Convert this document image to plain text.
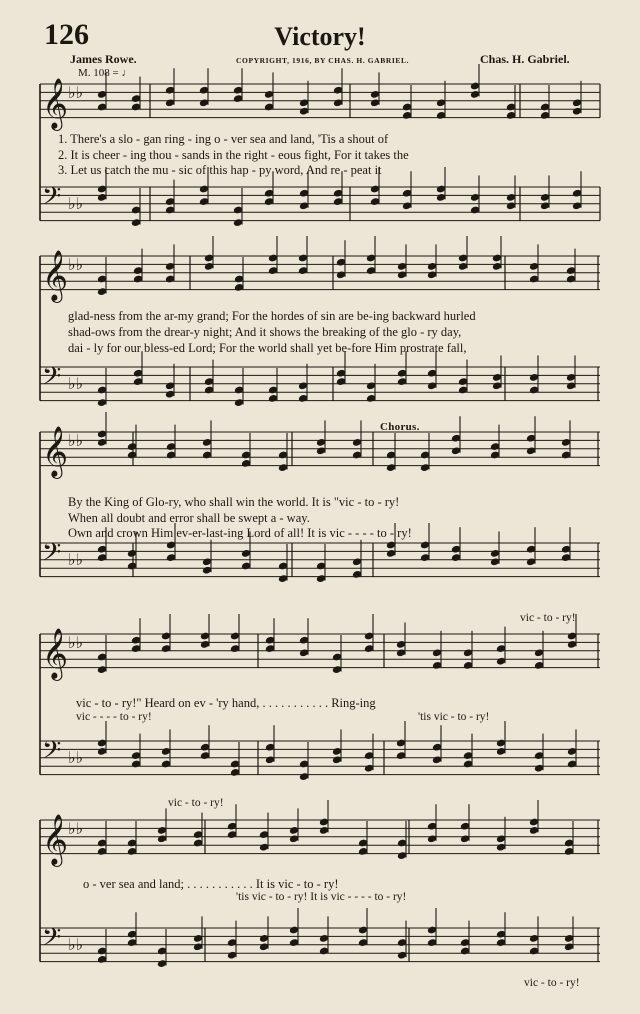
126	Victory!
James Rowe.	COPYRIGHT, 1916, BY CHAS. H. GABRIEL.	Chas. H. Gabriel.
M. 108 = ♩
𝄞 ♭♭
𝄢 ♭♭
𝄞 ♭♭
𝄢 ♭♭
𝄞 ♭♭
𝄢 ♭♭
𝄞 ♭♭
𝄢 ♭♭
𝄞 ♭♭
𝄢 ♭♭
1. There's a slo - gan ring - ing o - ver sea and land, 'Tis a shout of
2. It is cheer - ing thou - sands in the right - eous fight, For it takes the
3. Let us catch the mu - sic of this hap - py word, And re - peat it
glad-ness from the ar-my grand; For the hordes of sin are be-ing backward hurled
shad-ows from the drear-y night; And it shows the breaking of the glo - ry day,
dai - ly for our bless-ed Lord; For the world shall yet be-fore Him prostrate fall,
Chorus.
By the King of Glo-ry, who shall win the world. It is "vic - to - ry!
When all doubt and error shall be swept a - way.
Own and crown Him ev-er-last-ing Lord of all! It is vic - - - - to - ry!
vic - to - ry!
vic - to - ry!" Heard on ev - 'ry hand, . . . . . . . . . . . Ring-ing
vic - - - - to - ry!	'tis vic - to - ry!
vic - to - ry!
o - ver sea and land; . . . . . . . . . . . It is vic - to - ry!
'tis vic - to - ry! It is vic - - - - to - ry!
vic - to - ry!
